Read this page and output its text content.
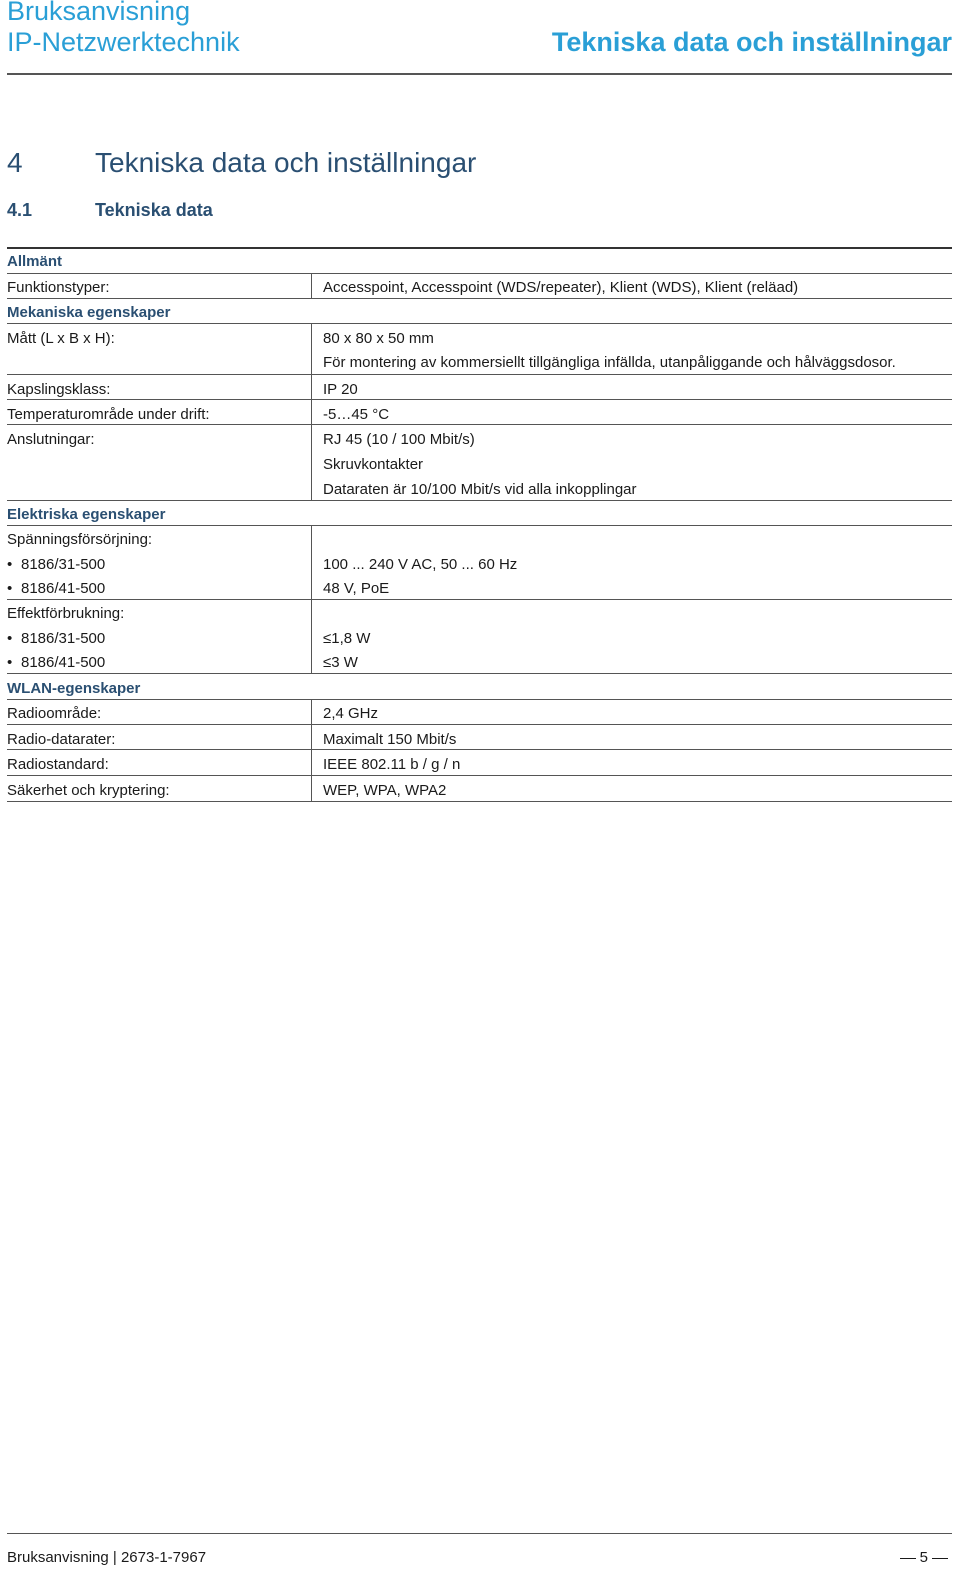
Bruksanvisning
IP-Netzwerktechnik	Tekniska data och inställningar
4	Tekniska data och inställningar
4.1	Tekniska data
Allmänt
Funktionstyper:	Accesspoint, Accesspoint (WDS/repeater), Klient (WDS), Klient (reläad)
Mekaniska egenskaper
Mått (L x B x H):	80 x 80 x 50 mm
För montering av kommersiellt tillgängliga infällda, utanpåliggande och hålväggsdosor.
Kapslingsklass:	IP 20
Temperaturområde under drift:	-5…45 °C
Anslutningar:	RJ 45 (10 / 100 Mbit/s)
Skruvkontakter
Dataraten är 10/100 Mbit/s vid alla inkopplingar
Elektriska egenskaper
Spänningsförsörjning:
• 8186/31-500	100 ... 240 V AC, 50 ... 60 Hz
• 8186/41-500	48 V, PoE
Effektförbrukning:
• 8186/31-500	≤1,8 W
• 8186/41-500	≤3 W
WLAN-egenskaper
Radioområde:	2,4 GHz
Radio-datarater:	Maximalt 150 Mbit/s
Radiostandard:	IEEE 802.11 b / g / n
Säkerhet och kryptering:	WEP, WPA, WPA2
Bruksanvisning | 2673-1-7967	5
